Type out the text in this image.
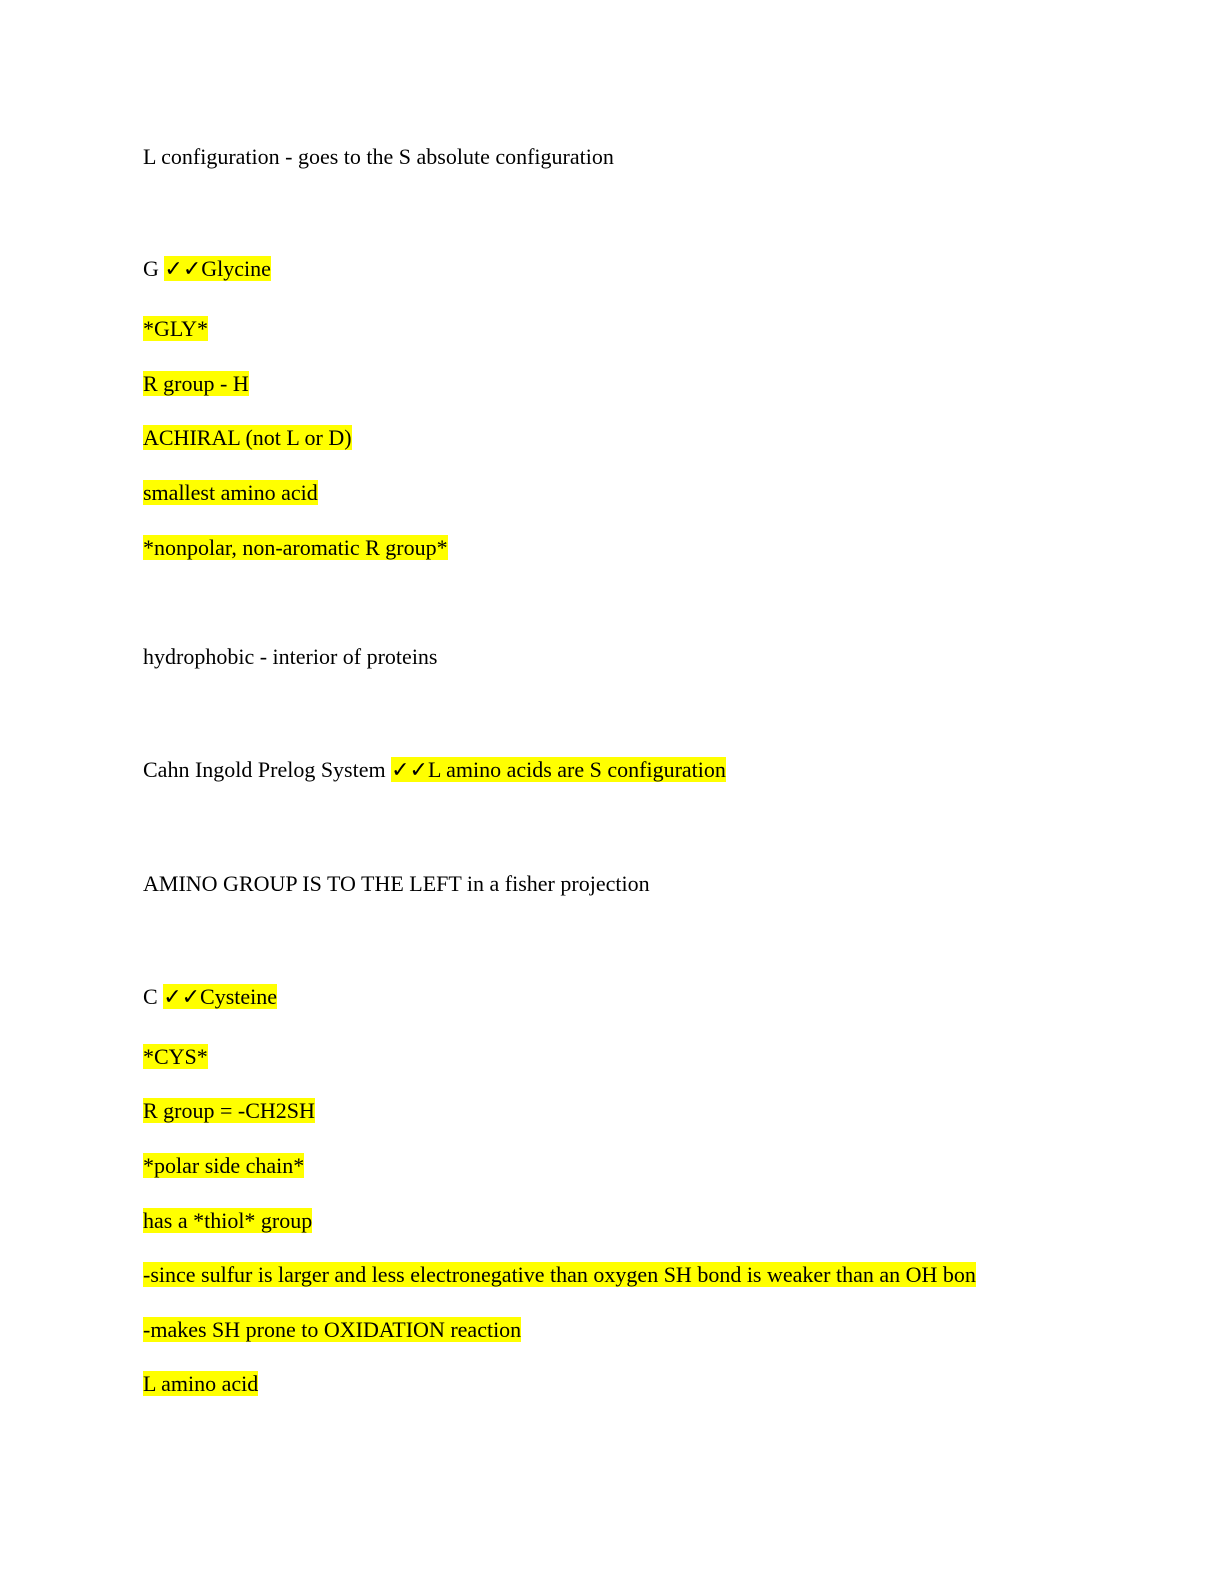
L configuration - goes to the S absolute configuration
G ✓✓Glycine
*GLY*
R group - H
ACHIRAL (not L or D)
smallest amino acid
*nonpolar, non-aromatic R group*
hydrophobic - interior of proteins
Cahn Ingold Prelog System ✓✓L amino acids are S configuration
AMINO GROUP IS TO THE LEFT in a fisher projection
C ✓✓Cysteine
*CYS*
R group = -CH2SH
*polar side chain*
has a *thiol* group
-since sulfur is larger and less electronegative than oxygen SH bond is weaker than an OH bon
-makes SH prone to OXIDATION reaction
L amino acid
